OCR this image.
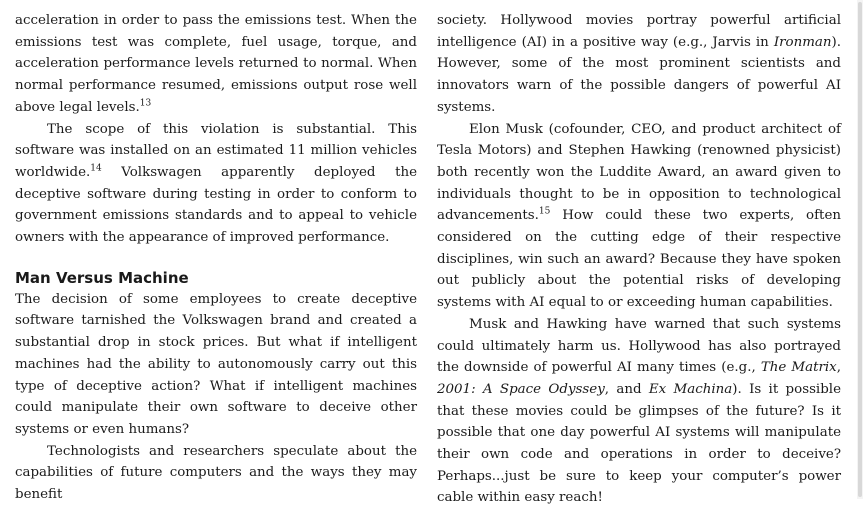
acceleration in order to pass the emissions test. When the emissions test was complete, fuel usage, torque, and acceleration performance levels returned to normal. When normal performance resumed, emissions output rose well above legal levels.$^{13}$

The scope of this violation is substantial. This software was installed on an estimated 11 million vehicles worldwide.$^{14}$ Volkswagen apparently deployed the deceptive software during testing in order to conform to government emissions standards and to appeal to vehicle owners with the appearance of improved performance.

Man Versus Machine

The decision of some employees to create deceptive software tarnished the Volkswagen brand and created a substantial drop in stock prices. But what if intelligent machines had the ability to autonomously carry out this type of deceptive action? What if intelligent machines could manipulate their own software to deceive other systems or even humans?

Technologists and researchers speculate about the capabilities of future computers and the ways they may benefit

society. Hollywood movies portray powerful artificial intelligence (AI) in a positive way (e.g., Jarvis in Ironman). However, some of the most prominent scientists and innovators warn of the possible dangers of powerful AI systems.

Elon Musk (cofounder, CEO, and product architect of Tesla Motors) and Stephen Hawking (renowned physicist) both recently won the Luddite Award, an award given to individuals thought to be in opposition to technological advancements.$^{15}$ How could these two experts, often considered on the cutting edge of their respective disciplines, win such an award? Because they have spoken out publicly about the potential risks of developing systems with AI equal to or exceeding human capabilities.

Musk and Hawking have warned that such systems could ultimately harm us. Hollywood has also portrayed the downside of powerful AI many times (e.g., The Matrix, 2001: A Space Odyssey, and Ex Machina). Is it possible that these movies could be glimpses of the future? Is it possible that one day powerful AI systems will manipulate their own code and operations in order to deceive? Perhaps...just be sure to keep your computer’s power cable within easy reach!
